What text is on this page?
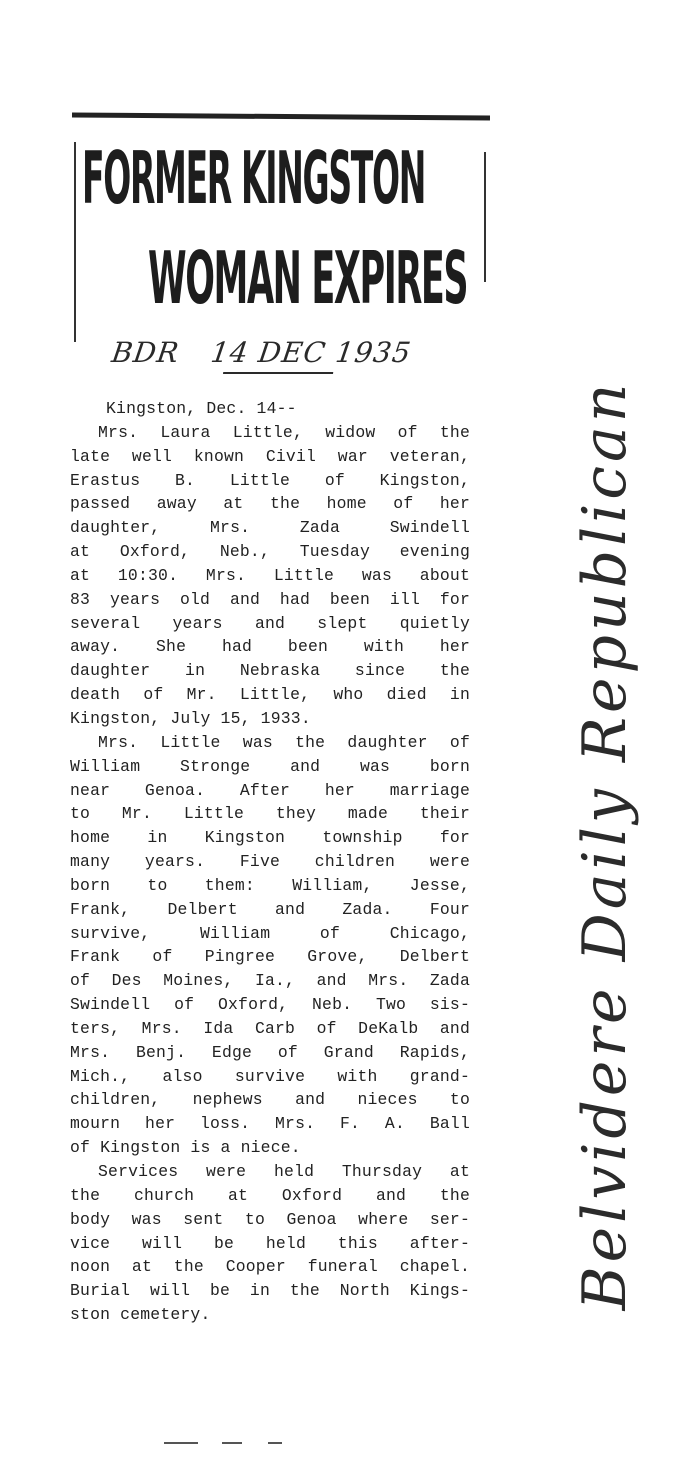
FORMER KINGSTON
WOMAN EXPIRES
BDR 14 DEC 1935
Kingston, Dec. 14--
Mrs. Laura Little, widow of the
late well known Civil war veteran,
Erastus B. Little of Kingston,
passed away at the home of her
daughter, Mrs. Zada Swindell
at Oxford, Neb., Tuesday evening
at 10:30. Mrs. Little was about
83 years old and had been ill for
several years and slept quietly
away. She had been with her
daughter in Nebraska since the
death of Mr. Little, who died in
Kingston, July 15, 1933.
Mrs. Little was the daughter of
William Stronge and was born
near Genoa. After her marriage
to Mr. Little they made their
home in Kingston township for
many years. Five children were
born to them: William, Jesse,
Frank, Delbert and Zada. Four
survive, William of Chicago,
Frank of Pingree Grove, Delbert
of Des Moines, Ia., and Mrs. Zada
Swindell of Oxford, Neb. Two sis-
ters, Mrs. Ida Carb of DeKalb and
Mrs. Benj. Edge of Grand Rapids,
Mich., also survive with grand-
children, nephews and nieces to
mourn her loss. Mrs. F. A. Ball
of Kingston is a niece.
Services were held Thursday at
the church at Oxford and the
body was sent to Genoa where ser-
vice will be held this after-
noon at the Cooper funeral chapel.
Burial will be in the North Kings-
ston cemetery.
Belvidere Daily Republican
